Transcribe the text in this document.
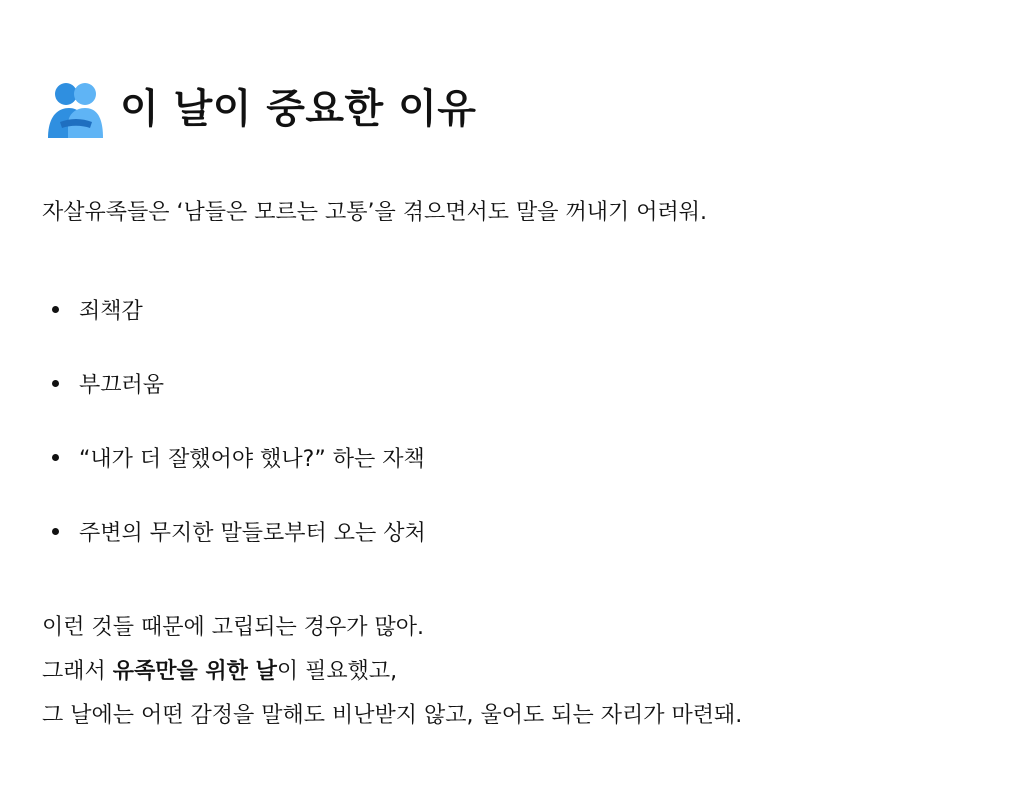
이 날이 중요한 이유
자살유족들은 ‘남들은 모르는 고통’을 겪으면서도 말을 꺼내기 어려워.
죄책감
부끄러움
“내가 더 잘했어야 했나?” 하는 자책
주변의 무지한 말들로부터 오는 상처
이런 것들 때문에 고립되는 경우가 많아.
그래서 유족만을 위한 날이 필요했고,
그 날에는 어떤 감정을 말해도 비난받지 않고, 울어도 되는 자리가 마련돼.
